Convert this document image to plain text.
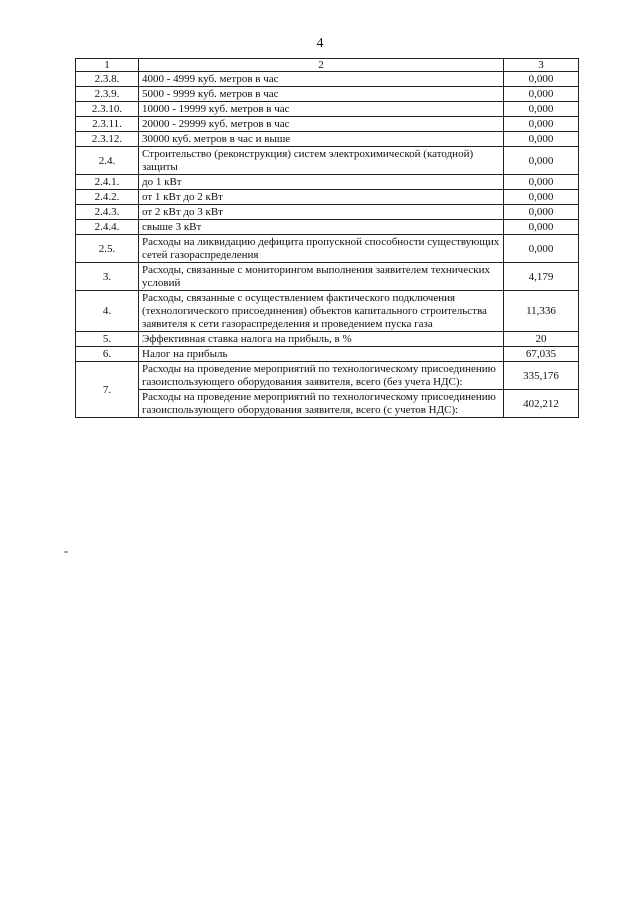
4
1	2	3
2.3.8.	4000 - 4999 куб. метров в час	0,000
2.3.9.	5000 - 9999 куб. метров в час	0,000
2.3.10.	10000 - 19999 куб. метров в час	0,000
2.3.11.	20000 - 29999 куб. метров в час	0,000
2.3.12.	30000 куб. метров в час и выше	0,000
2.4.	Строительство (реконструкция) систем электрохимической (катодной) защиты	0,000
2.4.1.	до 1 кВт	0,000
2.4.2.	от 1 кВт до 2 кВт	0,000
2.4.3.	от 2 кВт до 3 кВт	0,000
2.4.4.	свыше 3 кВт	0,000
2.5.	Расходы на ликвидацию дефицита пропускной способности существующих сетей газораспределения	0,000
3.	Расходы, связанные с мониторингом выполнения заявителем технических условий	4,179
4.	Расходы, связанные с осуществлением фактического подключения (технологического присоединения) объектов капитального строительства заявителя к сети газораспределения и проведением пуска газа	11,336
5.	Эффективная ставка налога на прибыль, в %	20
6.	Налог на прибыль	67,035
7.	Расходы на проведение мероприятий по технологическому присоединению газоиспользующего оборудования заявителя, всего (без учета НДС):	335,176
	Расходы на проведение мероприятий по технологическому присоединению газоиспользующего оборудования заявителя, всего (с учетов НДС):	402,212
